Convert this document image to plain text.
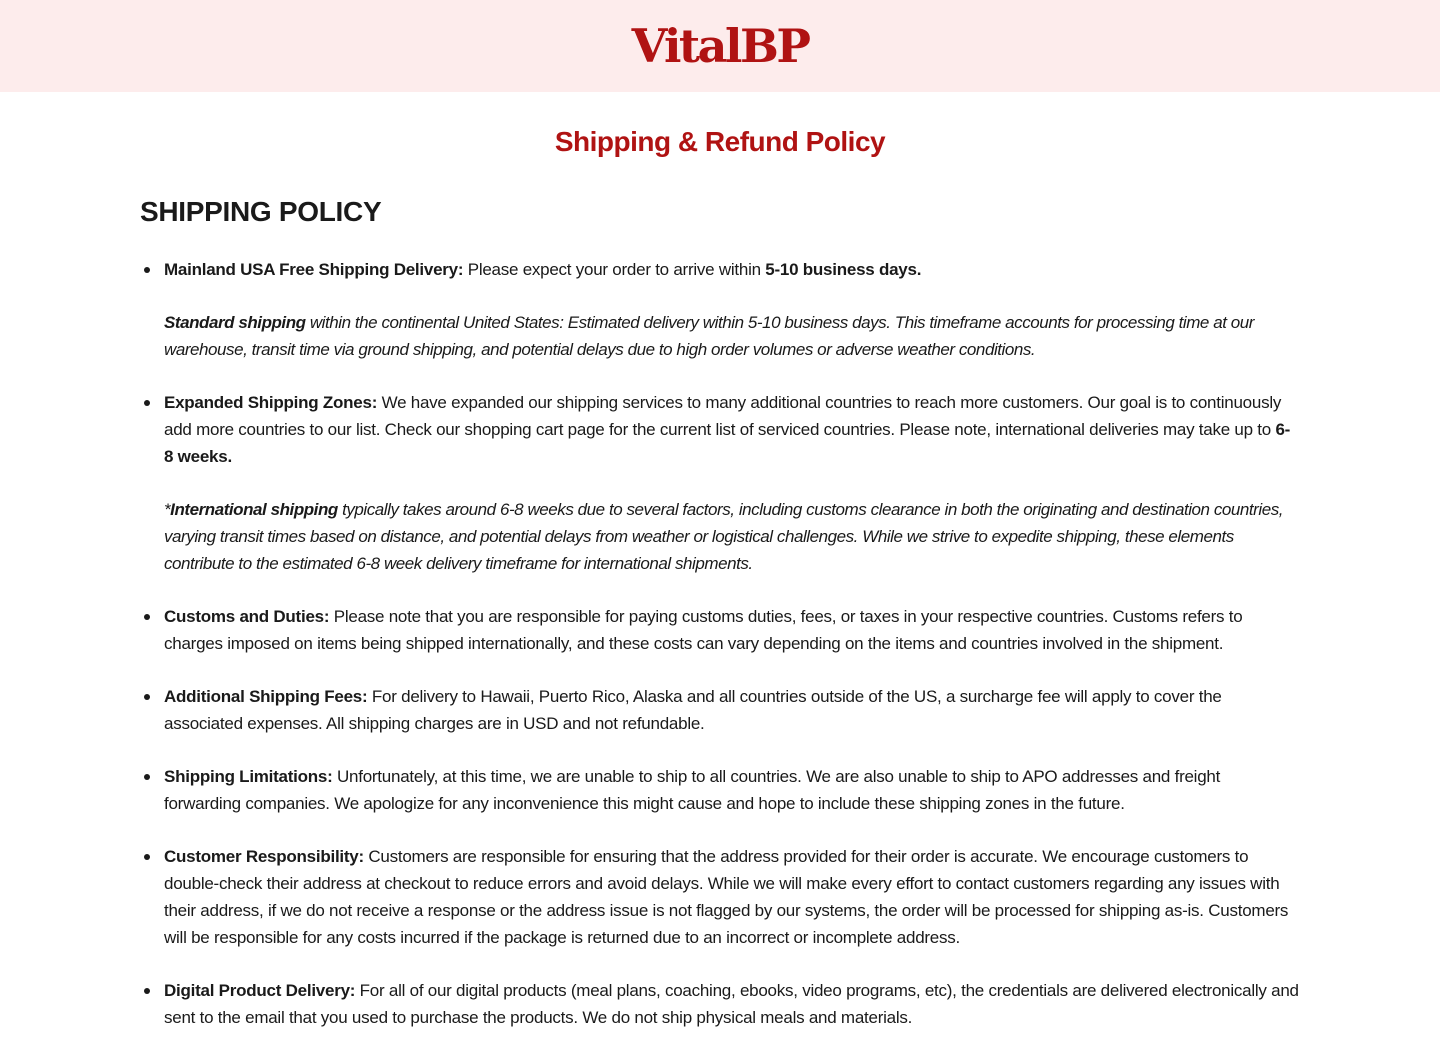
VitalBP
Shipping & Refund Policy
SHIPPING POLICY
Mainland USA Free Shipping Delivery: Please expect your order to arrive within 5-10 business days.
Standard shipping within the continental United States: Estimated delivery within 5-10 business days. This timeframe accounts for processing time at our warehouse, transit time via ground shipping, and potential delays due to high order volumes or adverse weather conditions.
Expanded Shipping Zones: We have expanded our shipping services to many additional countries to reach more customers. Our goal is to continuously add more countries to our list. Check our shopping cart page for the current list of serviced countries. Please note, international deliveries may take up to 6-8 weeks.
*International shipping typically takes around 6-8 weeks due to several factors, including customs clearance in both the originating and destination countries, varying transit times based on distance, and potential delays from weather or logistical challenges. While we strive to expedite shipping, these elements contribute to the estimated 6-8 week delivery timeframe for international shipments.
Customs and Duties: Please note that you are responsible for paying customs duties, fees, or taxes in your respective countries. Customs refers to charges imposed on items being shipped internationally, and these costs can vary depending on the items and countries involved in the shipment.
Additional Shipping Fees: For delivery to Hawaii, Puerto Rico, Alaska and all countries outside of the US, a surcharge fee will apply to cover the associated expenses. All shipping charges are in USD and not refundable.
Shipping Limitations: Unfortunately, at this time, we are unable to ship to all countries. We are also unable to ship to APO addresses and freight forwarding companies. We apologize for any inconvenience this might cause and hope to include these shipping zones in the future.
Customer Responsibility: Customers are responsible for ensuring that the address provided for their order is accurate. We encourage customers to double-check their address at checkout to reduce errors and avoid delays. While we will make every effort to contact customers regarding any issues with their address, if we do not receive a response or the address issue is not flagged by our systems, the order will be processed for shipping as-is. Customers will be responsible for any costs incurred if the package is returned due to an incorrect or incomplete address.
Digital Product Delivery: For all of our digital products (meal plans, coaching, ebooks, video programs, etc), the credentials are delivered electronically and sent to the email that you used to purchase the products. We do not ship physical meals and materials.
